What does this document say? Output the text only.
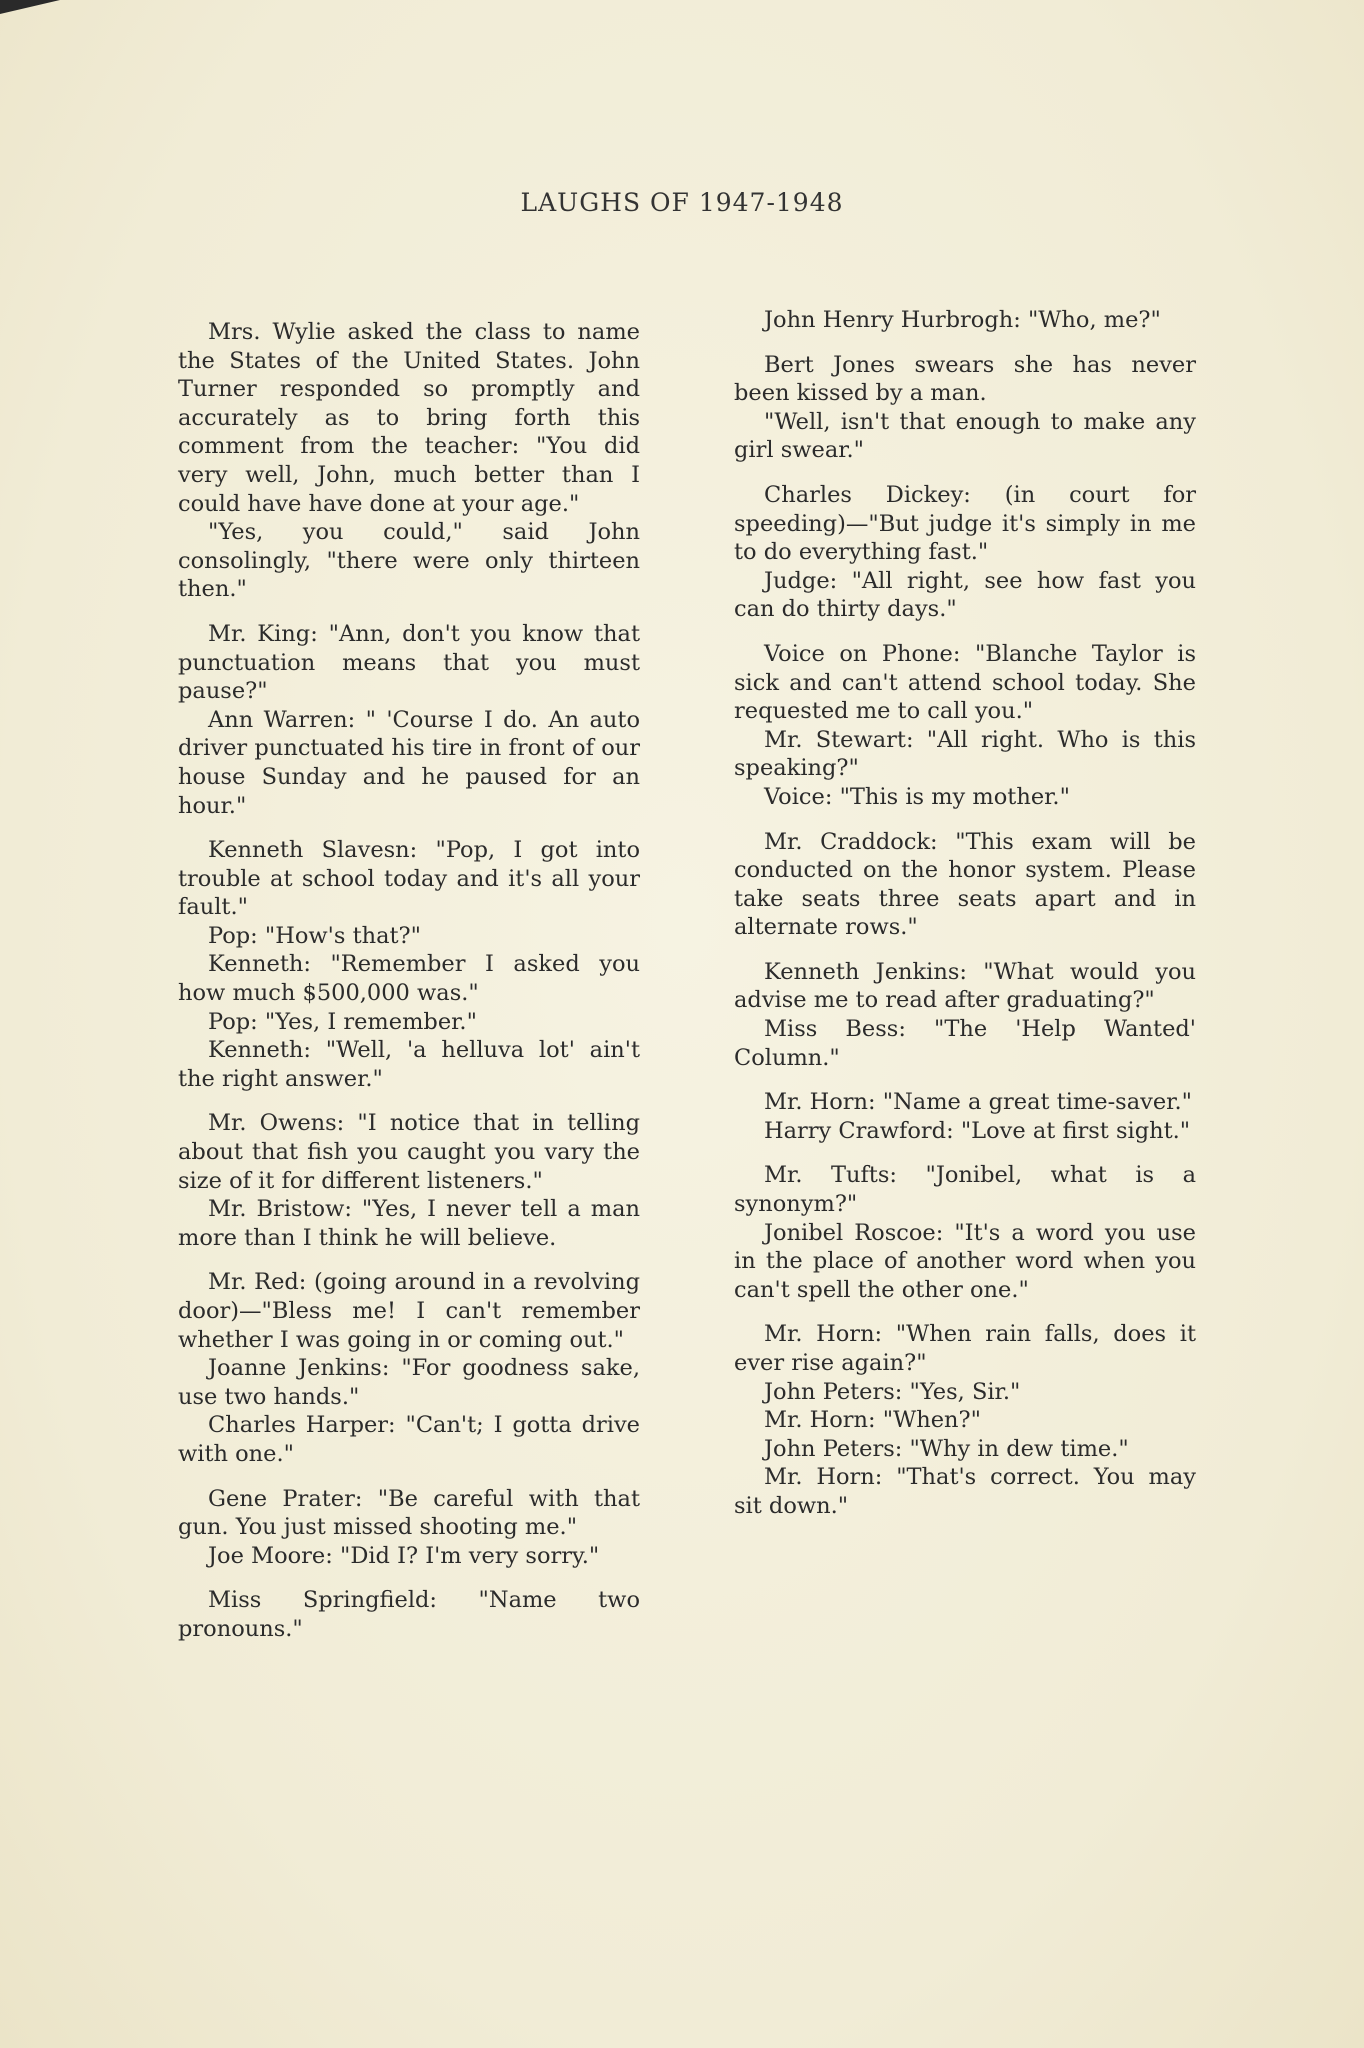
LAUGHS OF 1947-1948

Mrs. Wylie asked the class to name the States of the United States. John Turner responded so promptly and accurately as to bring forth this comment from the teacher: "You did very well, John, much better than I could have have done at your age."

"Yes, you could," said John consolingly, "there were only thirteen then."

Mr. King: "Ann, don't you know that punctuation means that you must pause?"

Ann Warren: " 'Course I do. An auto driver punctuated his tire in front of our house Sunday and he paused for an hour."

Kenneth Slavesn: "Pop, I got into trouble at school today and it's all your fault."

Pop: "How's that?"

Kenneth: "Remember I asked you how much $500,000 was."

Pop: "Yes, I remember."

Kenneth: "Well, 'a helluva lot' ain't the right answer."

Mr. Owens: "I notice that in telling about that fish you caught you vary the size of it for different listeners."

Mr. Bristow: "Yes, I never tell a man more than I think he will believe.

Mr. Red: (going around in a revolving door)—"Bless me! I can't remember whether I was going in or coming out."

Joanne Jenkins: "For goodness sake, use two hands."

Charles Harper: "Can't; I gotta drive with one."

Gene Prater: "Be careful with that gun. You just missed shooting me."

Joe Moore: "Did I? I'm very sorry."

Miss Springfield: "Name two pronouns."

John Henry Hurbrogh: "Who, me?"

Bert Jones swears she has never been kissed by a man.

"Well, isn't that enough to make any girl swear."

Charles Dickey: (in court for speeding)—"But judge it's simply in me to do everything fast."

Judge: "All right, see how fast you can do thirty days."

Voice on Phone: "Blanche Taylor is sick and can't attend school today. She requested me to call you."

Mr. Stewart: "All right. Who is this speaking?"

Voice: "This is my mother."

Mr. Craddock: "This exam will be conducted on the honor system. Please take seats three seats apart and in alternate rows."

Kenneth Jenkins: "What would you advise me to read after graduating?"

Miss Bess: "The 'Help Wanted' Column."

Mr. Horn: "Name a great time-saver."

Harry Crawford: "Love at first sight."

Mr. Tufts: "Jonibel, what is a synonym?"

Jonibel Roscoe: "It's a word you use in the place of another word when you can't spell the other one."

Mr. Horn: "When rain falls, does it ever rise again?"

John Peters: "Yes, Sir."

Mr. Horn: "When?"

John Peters: "Why in dew time."

Mr. Horn: "That's correct. You may sit down."
